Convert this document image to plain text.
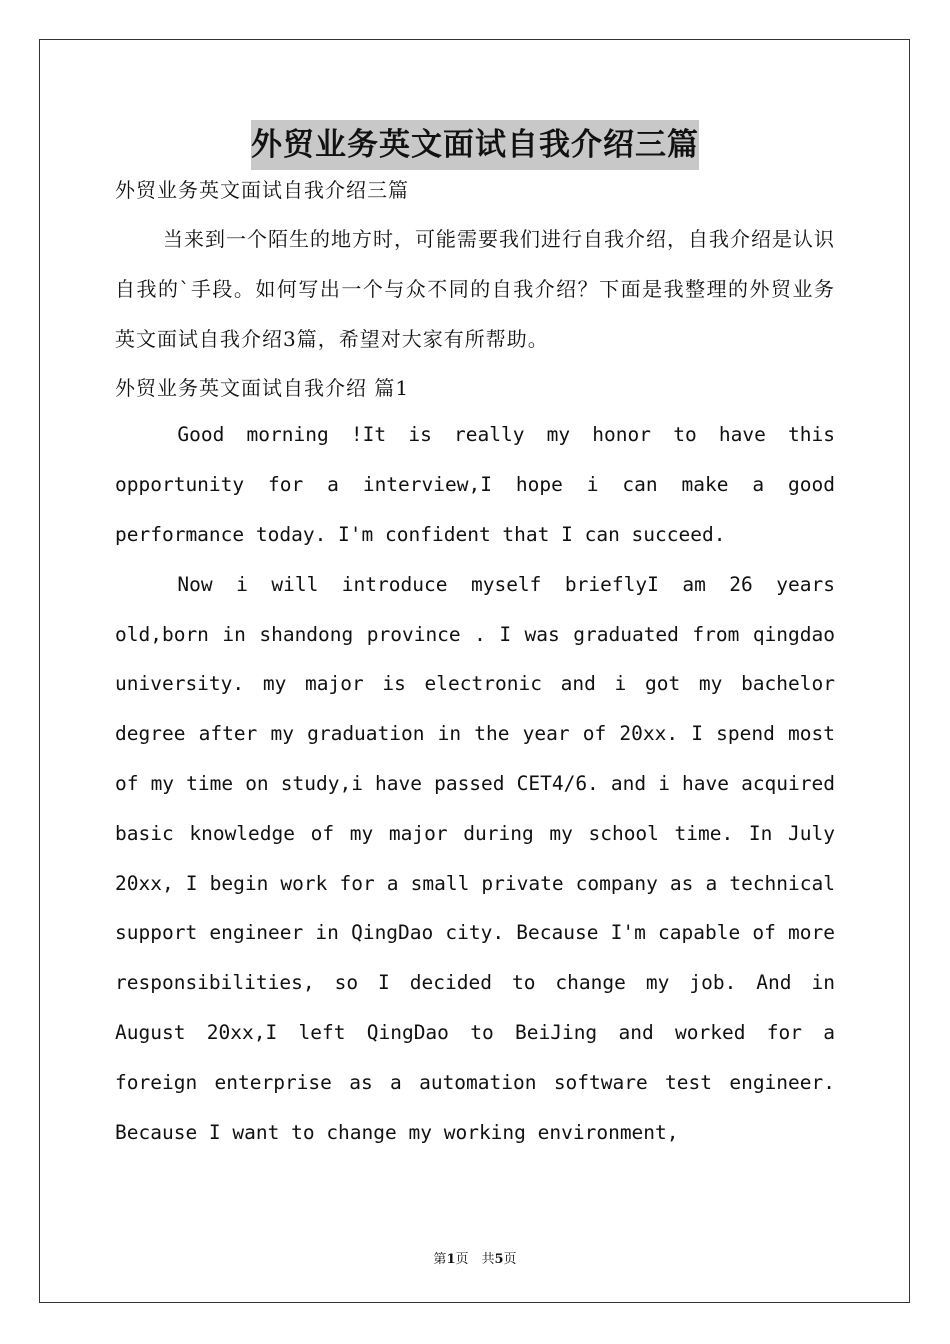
外贸业务英文面试自我介绍三篇
外贸业务英文面试自我介绍三篇

当来到一个陌生的地方时，可能需要我们进行自我介绍，自我介绍是认识自我的`手段。如何写出一个与众不同的自我介绍？下面是我整理的外贸业务英文面试自我介绍3篇，希望对大家有所帮助。

外贸业务英文面试自我介绍 篇1

Good morning !It is really my honor to have this opportunity for a interview,I hope i can make a good performance today. I'm confident that I can succeed.

Now i will introduce myself brieflyI am 26 years old,born in shandong province . I was graduated from qingdao university. my major is electronic and i got my bachelor degree after my graduation in the year of 20xx. I spend most of my time on study,i have passed CET4/6. and i have acquired basic knowledge of my major during my school time. In July 20xx, I begin work for a small private company as a technical support engineer in QingDao city. Because I'm capable of more responsibilities, so I decided to change my job. And in August 20xx,I left QingDao to BeiJing and worked for a foreign enterprise as a automation software test engineer. Because I want to change my working environment,

第1页　共5页
